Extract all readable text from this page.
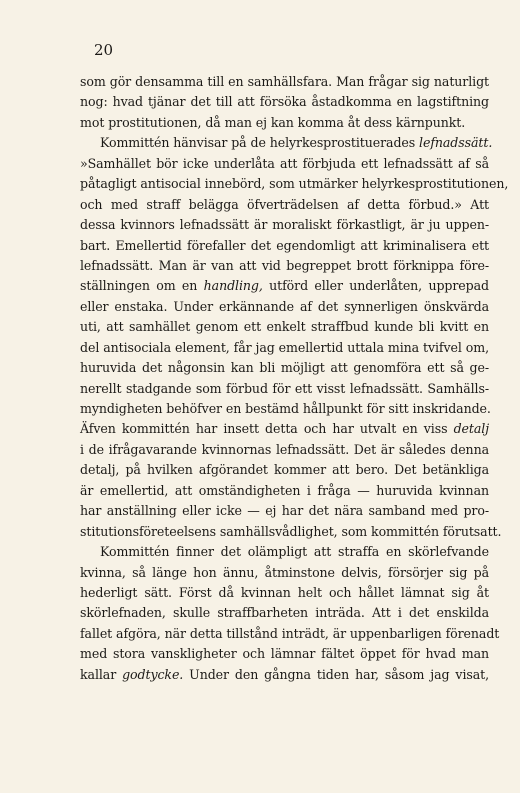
20
som gör densamma till en samhällsfara. Man frågar sig naturligt
nog: hvad tjänar det till att försöka åstadkomma en lagstiftning
mot prostitutionen, då man ej kan komma åt dess kärnpunkt.
Kommittén hänvisar på de helyrkesprostituerades lefnadssätt.
»Samhället bör icke underlåta att förbjuda ett lefnadssätt af så
påtagligt antisocial innebörd, som utmärker helyrkesprostitutionen,
och med straff belägga öfverträdelsen af detta förbud.» Att
dessa kvinnors lefnadssätt är moraliskt förkastligt, är ju uppen-
bart. Emellertid förefaller det egendomligt att kriminalisera ett
lefnadssätt. Man är van att vid begreppet brott förknippa före-
ställningen om en handling, utförd eller underlåten, upprepad
eller enstaka. Under erkännande af det synnerligen önskvärda
uti, att samhället genom ett enkelt straffbud kunde bli kvitt en
del antisociala element, får jag emellertid uttala mina tvifvel om,
huruvida det någonsin kan bli möjligt att genomföra ett så ge-
nerellt stadgande som förbud för ett visst lefnadssätt. Samhälls-
myndigheten behöfver en bestämd hållpunkt för sitt inskridande.
Äfven kommittén har insett detta och har utvalt en viss detalj
i de ifrågavarande kvinnornas lefnadssätt. Det är således denna
detalj, på hvilken afgörandet kommer att bero. Det betänkliga
är emellertid, att omständigheten i fråga — huruvida kvinnan
har anställning eller icke — ej har det nära samband med pro-
stitutionsföreteelsens samhällsvådlighet, som kommittén förutsatt.
Kommittén finner det olämpligt att straffa en skörlefvande
kvinna, så länge hon ännu, åtminstone delvis, försörjer sig på
hederligt sätt. Först då kvinnan helt och hållet lämnat sig åt
skörlefnaden, skulle straffbarheten inträda. Att i det enskilda
fallet afgöra, när detta tillstånd inträdt, är uppenbarligen förenadt
med stora vanskligheter och lämnar fältet öppet för hvad man
kallar godtycke. Under den gångna tiden har, såsom jag visat,
